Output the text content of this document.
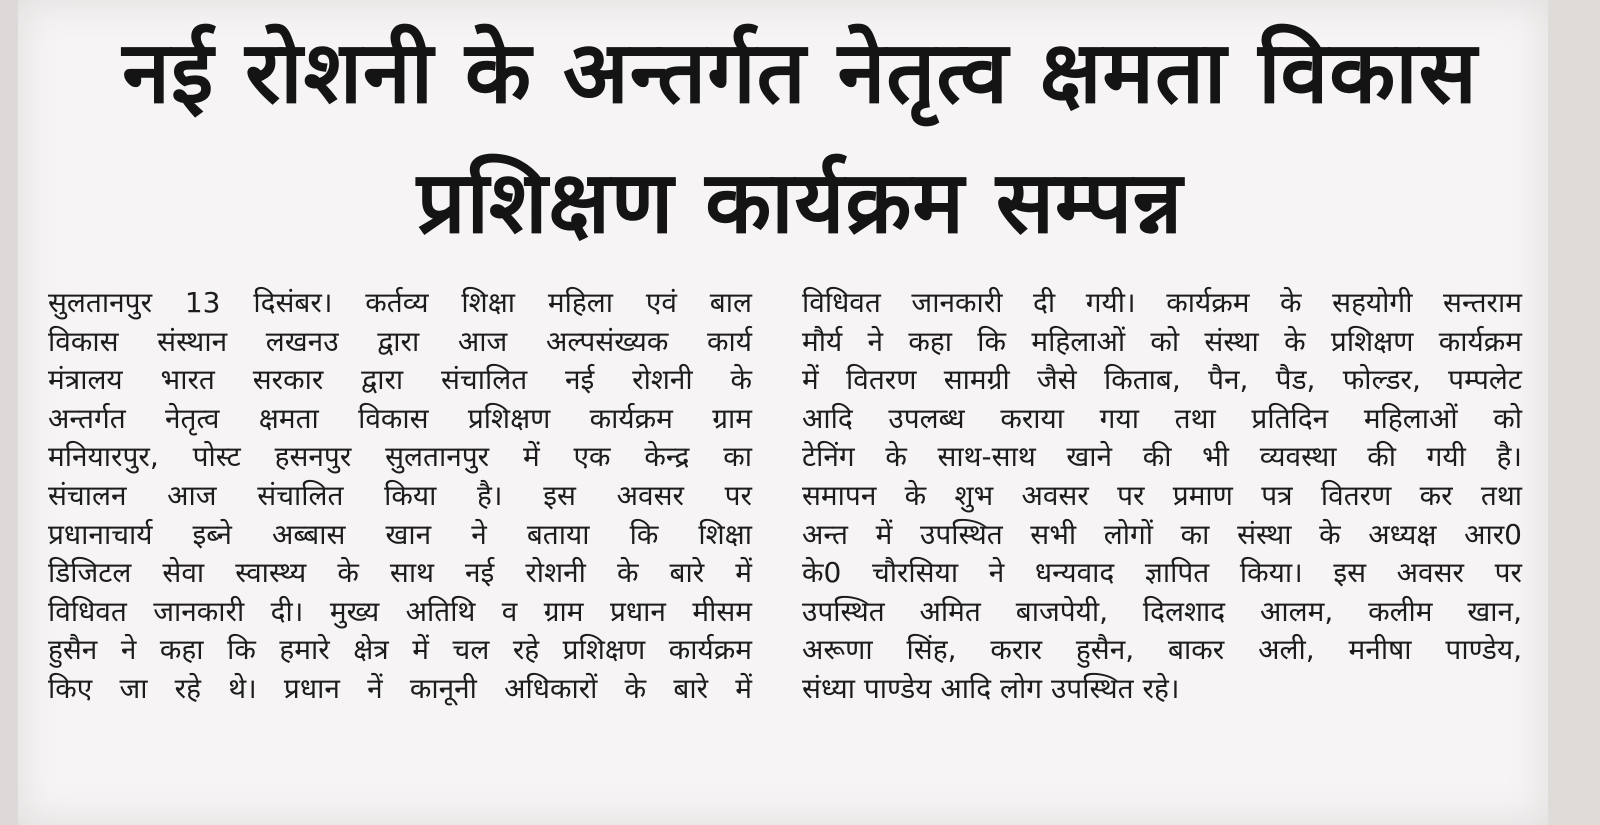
नई रोशनी के अन्तर्गत नेतृत्व क्षमता विकास
प्रशिक्षण कार्यक्रम सम्पन्न
सुलतानपुर 13 दिसंबर। कर्तव्य शिक्षा महिला एवं बाल
विकास संस्थान लखनउ द्वारा आज अल्पसंख्यक कार्य
मंत्रालय भारत सरकार द्वारा संचालित नई रोशनी के
अन्तर्गत नेतृत्व क्षमता विकास प्रशिक्षण कार्यक्रम ग्राम
मनियारपुर, पोस्ट हसनपुर सुलतानपुर में एक केन्द्र का
संचालन आज संचालित किया है। इस अवसर पर
प्रधानाचार्य इब्ने अब्बास खान ने बताया कि शिक्षा
डिजिटल सेवा स्वास्थ्य के साथ नई रोशनी के बारे में
विधिवत जानकारी दी। मुख्य अतिथि व ग्राम प्रधान मीसम
हुसैन ने कहा कि हमारे क्षेत्र में चल रहे प्रशिक्षण कार्यक्रम
किए जा रहे थे। प्रधान नें कानूनी अधिकारों के बारे में
विधिवत जानकारी दी गयी। कार्यक्रम के सहयोगी सन्तराम
मौर्य ने कहा कि महिलाओं को संस्था के प्रशिक्षण कार्यक्रम
में वितरण सामग्री जैसे किताब, पैन, पैड, फोल्डर, पम्पलेट
आदि उपलब्ध कराया गया तथा प्रतिदिन महिलाओं को
टेनिंग के साथ-साथ खाने की भी व्यवस्था की गयी है।
समापन के शुभ अवसर पर प्रमाण पत्र वितरण कर तथा
अन्त में उपस्थित सभी लोगों का संस्था के अध्यक्ष आर0
के0 चौरसिया ने धन्यवाद ज्ञापित किया। इस अवसर पर
उपस्थित अमित बाजपेयी, दिलशाद आलम, कलीम खान,
अरूणा सिंह, करार हुसैन, बाकर अली, मनीषा पाण्डेय,
संध्या पाण्डेय आदि लोग उपस्थित रहे।
